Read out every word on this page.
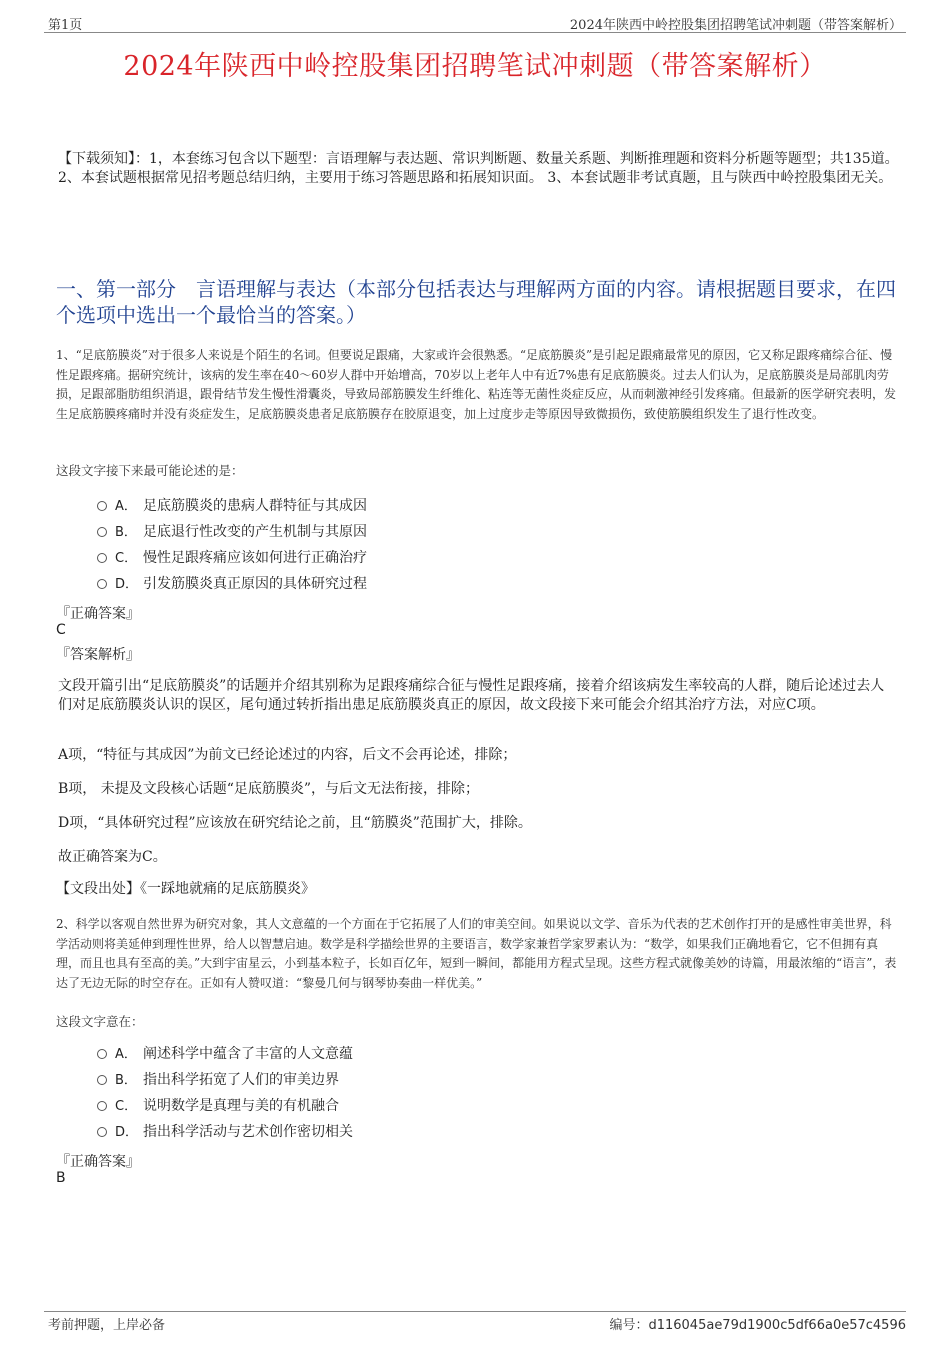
第1页	2024年陕西中岭控股集团招聘笔试冲刺题（带答案解析）
2024年陕西中岭控股集团招聘笔试冲刺题（带答案解析）
【下载须知】：1，本套练习包含以下题型：言语理解与表达题、常识判断题、数量关系题、判断推理题和资料分析题等题型；共135道。 2、本套试题根据常见招考题总结归纳，主要用于练习答题思路和拓展知识面。 3、本套试题非考试真题，且与陕西中岭控股集团无关。
一、第一部分　言语理解与表达（本部分包括表达与理解两方面的内容。请根据题目要求，在四个选项中选出一个最恰当的答案。）
1、“足底筋膜炎”对于很多人来说是个陌生的名词。但要说足跟痛，大家或许会很熟悉。“足底筋膜炎”是引起足跟痛最常见的原因，它又称足跟疼痛综合征、慢性足跟疼痛。据研究统计，该病的发生率在40～60岁人群中开始增高，70岁以上老年人中有近7%患有足底筋膜炎。过去人们认为，足底筋膜炎是局部肌肉劳损，足跟部脂肪组织消退，跟骨结节发生慢性滑囊炎，导致局部筋膜发生纤维化、粘连等无菌性炎症反应，从而刺激神经引发疼痛。但最新的医学研究表明，发生足底筋膜疼痛时并没有炎症发生，足底筋膜炎患者足底筋膜存在胶原退变，加上过度步走等原因导致微损伤，致使筋膜组织发生了退行性改变。
这段文字接下来最可能论述的是：
A． 足底筋膜炎的患病人群特征与其成因
B． 足底退行性改变的产生机制与其原因
C． 慢性足跟疼痛应该如何进行正确治疗
D． 引发筋膜炎真正原因的具体研究过程
『正确答案』
C
『答案解析』
文段开篇引出“足底筋膜炎”的话题并介绍其别称为足跟疼痛综合征与慢性足跟疼痛，接着介绍该病发生率较高的人群，随后论述过去人们对足底筋膜炎认识的误区，尾句通过转折指出患足底筋膜炎真正的原因，故文段接下来可能会介绍其治疗方法，对应C项。
A项，“特征与其成因”为前文已经论述过的内容，后文不会再论述，排除；
B项， 未提及文段核心话题“足底筋膜炎”，与后文无法衔接，排除；
D项，“具体研究过程”应该放在研究结论之前，且“筋膜炎”范围扩大，排除。
故正确答案为C。
【文段出处】《一踩地就痛的足底筋膜炎》
2、科学以客观自然世界为研究对象，其人文意蕴的一个方面在于它拓展了人们的审美空间。如果说以文学、音乐为代表的艺术创作打开的是感性审美世界，科学活动则将美延伸到理性世界，给人以智慧启迪。数学是科学描绘世界的主要语言，数学家兼哲学家罗素认为：“数学，如果我们正确地看它，它不但拥有真理，而且也具有至高的美。”大到宇宙星云，小到基本粒子，长如百亿年，短到一瞬间，都能用方程式呈现。这些方程式就像美妙的诗篇，用最浓缩的“语言”，表达了无边无际的时空存在。正如有人赞叹道：“黎曼几何与钢琴协奏曲一样优美。”
这段文字意在：
A． 阐述科学中蕴含了丰富的人文意蕴
B． 指出科学拓宽了人们的审美边界
C． 说明数学是真理与美的有机融合
D． 指出科学活动与艺术创作密切相关
『正确答案』
B
考前押题，上岸必备	编号：d116045ae79d1900c5df66a0e57c4596
